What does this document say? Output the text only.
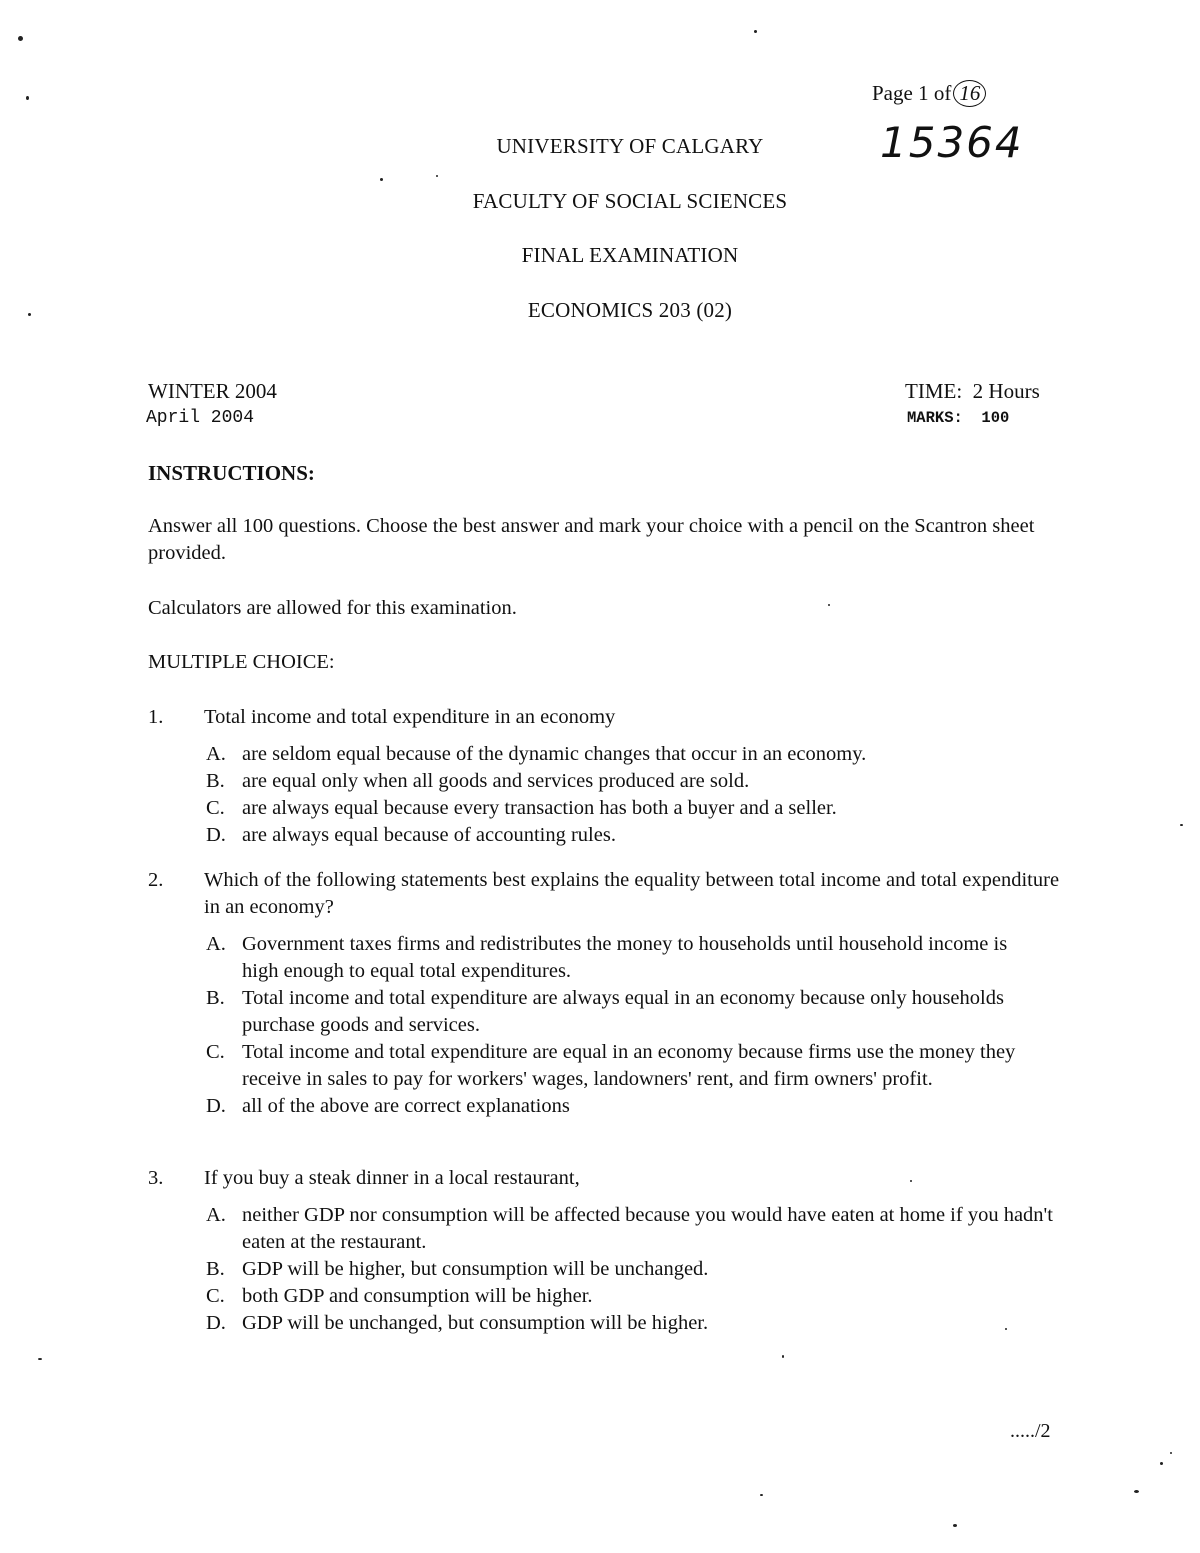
Page 1 of 16
15364
UNIVERSITY OF CALGARY
FACULTY OF SOCIAL SCIENCES
FINAL EXAMINATION
ECONOMICS 203 (02)
WINTER 2004
April 2004
TIME:  2 Hours
MARKS:  100
INSTRUCTIONS:
Answer all 100 questions. Choose the best answer and mark your choice with a pencil on the Scantron sheet provided.
Calculators are allowed for this examination.
MULTIPLE CHOICE:
1.	Total income and total expenditure in an economy
A. are seldom equal because of the dynamic changes that occur in an economy.
B. are equal only when all goods and services produced are sold.
C. are always equal because every transaction has both a buyer and a seller.
D. are always equal because of accounting rules.
2.	Which of the following statements best explains the equality between total income and total expenditure in an economy?
A. Government taxes firms and redistributes the money to households until household income is high enough to equal total expenditures.
B. Total income and total expenditure are always equal in an economy because only households purchase goods and services.
C. Total income and total expenditure are equal in an economy because firms use the money they receive in sales to pay for workers' wages, landowners' rent, and firm owners' profit.
D. all of the above are correct explanations
3.	If you buy a steak dinner in a local restaurant,
A. neither GDP nor consumption will be affected because you would have eaten at home if you hadn't eaten at the restaurant.
B. GDP will be higher, but consumption will be unchanged.
C. both GDP and consumption will be higher.
D. GDP will be unchanged, but consumption will be higher.
...../2
